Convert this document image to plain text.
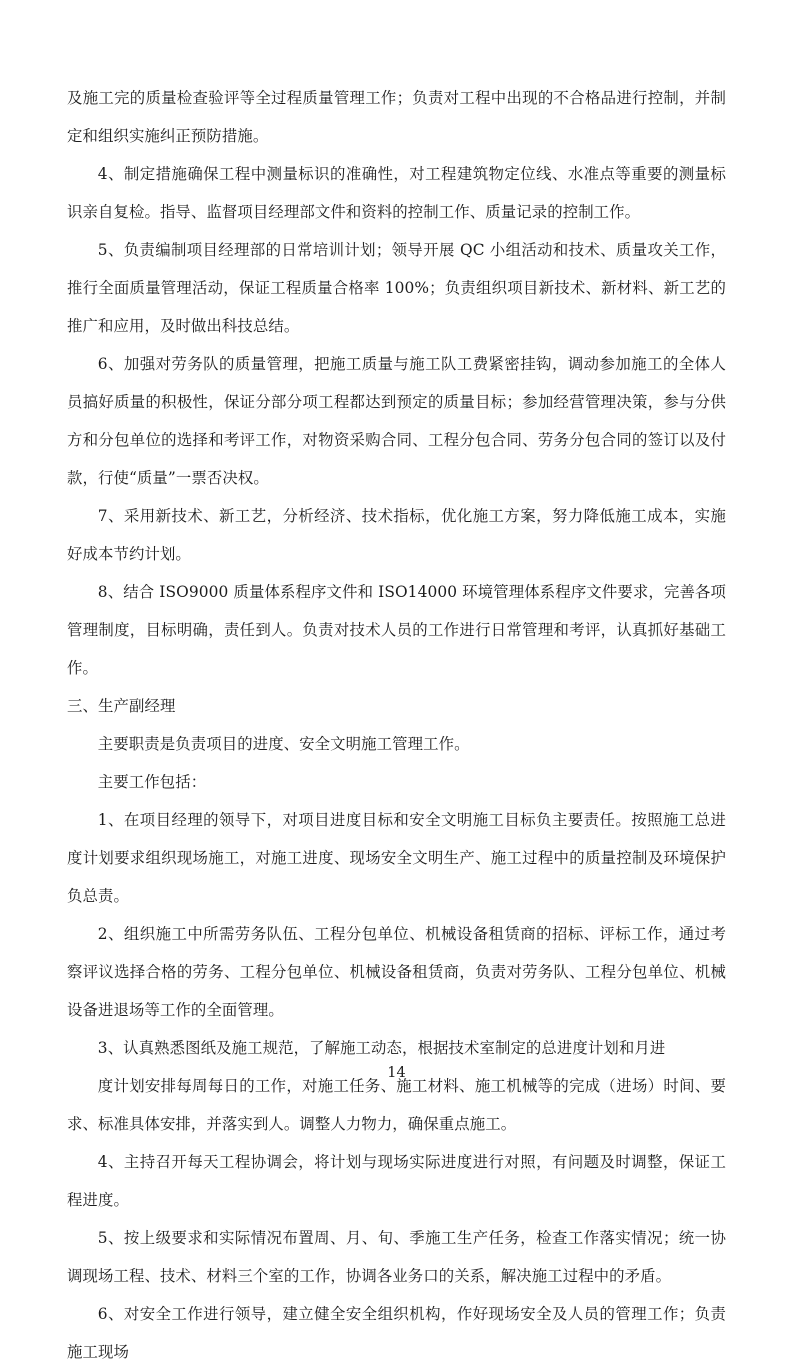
及施工完的质量检查验评等全过程质量管理工作；负责对工程中出现的不合格品进行控制，并制定和组织实施纠正预防措施。

4、制定措施确保工程中测量标识的准确性，对工程建筑物定位线、水准点等重要的测量标识亲自复检。指导、监督项目经理部文件和资料的控制工作、质量记录的控制工作。

5、负责编制项目经理部的日常培训计划；领导开展 QC 小组活动和技术、质量攻关工作，推行全面质量管理活动，保证工程质量合格率 100%；负责组织项目新技术、新材料、新工艺的推广和应用，及时做出科技总结。

6、加强对劳务队的质量管理，把施工质量与施工队工费紧密挂钩，调动参加施工的全体人员搞好质量的积极性，保证分部分项工程都达到预定的质量目标；参加经营管理决策，参与分供方和分包单位的选择和考评工作，对物资采购合同、工程分包合同、劳务分包合同的签订以及付款，行使“质量”一票否决权。

7、采用新技术、新工艺，分析经济、技术指标，优化施工方案，努力降低施工成本，实施好成本节约计划。

8、结合 ISO9000 质量体系程序文件和 ISO14000 环境管理体系程序文件要求，完善各项管理制度，目标明确，责任到人。负责对技术人员的工作进行日常管理和考评，认真抓好基础工作。

三、生产副经理

主要职责是负责项目的进度、安全文明施工管理工作。

主要工作包括：

1、在项目经理的领导下，对项目进度目标和安全文明施工目标负主要责任。按照施工总进度计划要求组织现场施工，对施工进度、现场安全文明生产、施工过程中的质量控制及环境保护负总责。

2、组织施工中所需劳务队伍、工程分包单位、机械设备租赁商的招标、评标工作，通过考察评议选择合格的劳务、工程分包单位、机械设备租赁商，负责对劳务队、工程分包单位、机械设备进退场等工作的全面管理。

3、认真熟悉图纸及施工规范，了解施工动态，根据技术室制定的总进度计划和月进
度计划安排每周每日的工作，对施工任务、施工材料、施工机械等的完成（进场）时间、要求、标准具体安排，并落实到人。调整人力物力，确保重点施工。

4、主持召开每天工程协调会，将计划与现场实际进度进行对照，有问题及时调整，保证工程进度。

5、按上级要求和实际情况布置周、月、旬、季施工生产任务，检查工作落实情况；统一协调现场工程、技术、材料三个室的工作，协调各业务口的关系，解决施工过程中的矛盾。

6、对安全工作进行领导，建立健全安全组织机构，作好现场安全及人员的管理工作；负责施工现场

14
